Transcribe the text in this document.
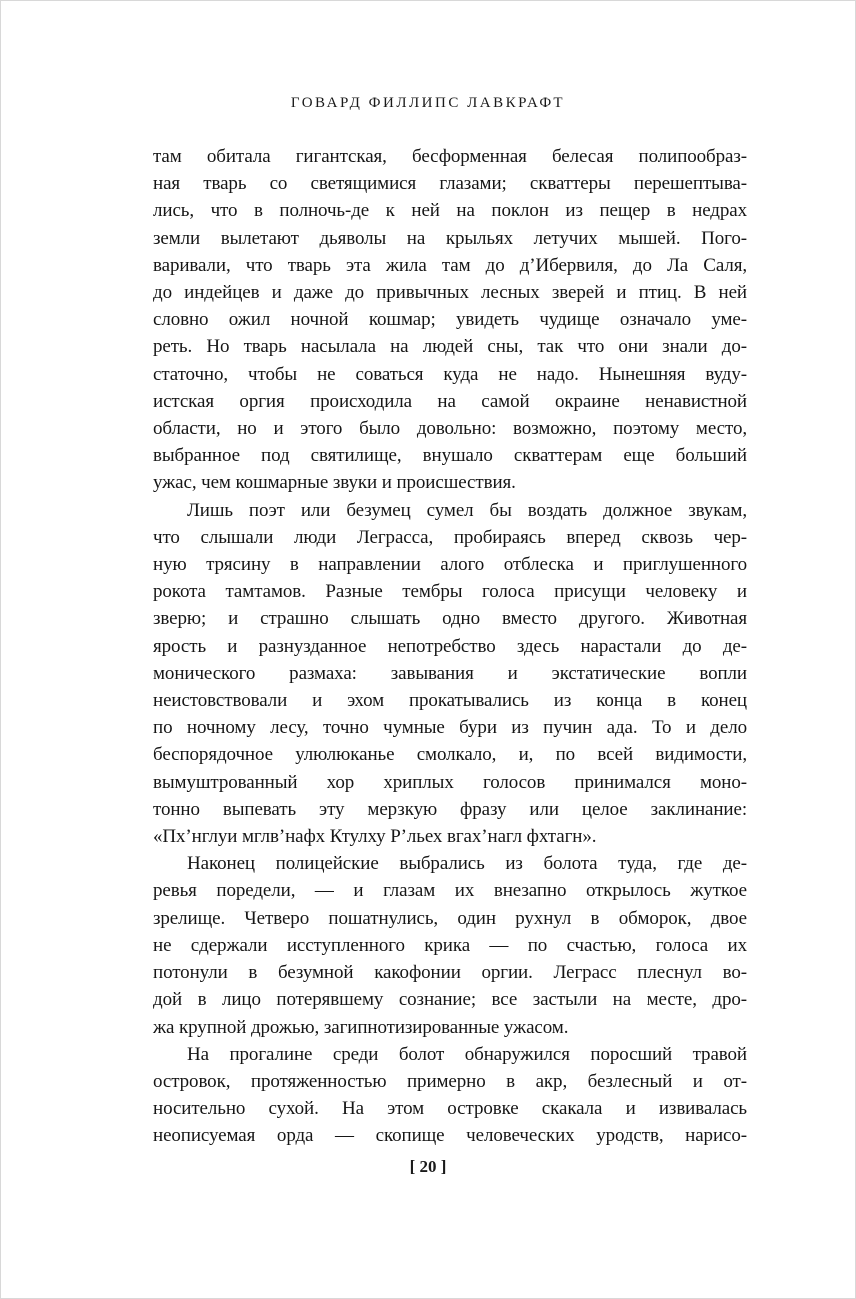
ГОВАРД ФИЛЛИПС ЛАВКРАФТ
там обитала гигантская, бесформенная белесая полипообраз-
ная тварь со светящимися глазами; скваттеры перешептыва-
лись, что в полночь-де к ней на поклон из пещер в недрах
земли вылетают дьяволы на крыльях летучих мышей. Пого-
варивали, что тварь эта жила там до д’Ибервиля, до Ла Саля,
до индейцев и даже до привычных лесных зверей и птиц. В ней
словно ожил ночной кошмар; увидеть чудище означало уме-
реть. Но тварь насылала на людей сны, так что они знали до-
статочно, чтобы не соваться куда не надо. Нынешняя вуду-
истская оргия происходила на самой окраине ненавистной
области, но и этого было довольно: возможно, поэтому место,
выбранное под святилище, внушало скваттерам еще больший
ужас, чем кошмарные звуки и происшествия.
Лишь поэт или безумец сумел бы воздать должное звукам,
что слышали люди Леграсса, пробираясь вперед сквозь чер-
ную трясину в направлении алого отблеска и приглушенного
рокота тамтамов. Разные тембры голоса присущи человеку и
зверю; и страшно слышать одно вместо другого. Животная
ярость и разнузданное непотребство здесь нарастали до де-
монического размаха: завывания и экстатические вопли
неистовствовали и эхом прокатывались из конца в конец
по ночному лесу, точно чумные бури из пучин ада. То и дело
беспорядочное улюлюканье смолкало, и, по всей видимости,
вымуштрованный хор хриплых голосов принимался моно-
тонно выпевать эту мерзкую фразу или целое заклинание:
«Пх’нглуи мглв’нафх Ктулху Р’льех вгах’нагл фхтагн».
Наконец полицейские выбрались из болота туда, где де-
ревья поредели, — и глазам их внезапно открылось жуткое
зрелище. Четверо пошатнулись, один рухнул в обморок, двое
не сдержали исступленного крика — по счастью, голоса их
потонули в безумной какофонии оргии. Леграсс плеснул во-
дой в лицо потерявшему сознание; все застыли на месте, дро-
жа крупной дрожью, загипнотизированные ужасом.
На прогалине среди болот обнаружился поросший травой
островок, протяженностью примерно в акр, безлесный и от-
носительно сухой. На этом островке скакала и извивалась
неописуемая орда — скопище человеческих уродств, нарисо-
[ 20 ]
